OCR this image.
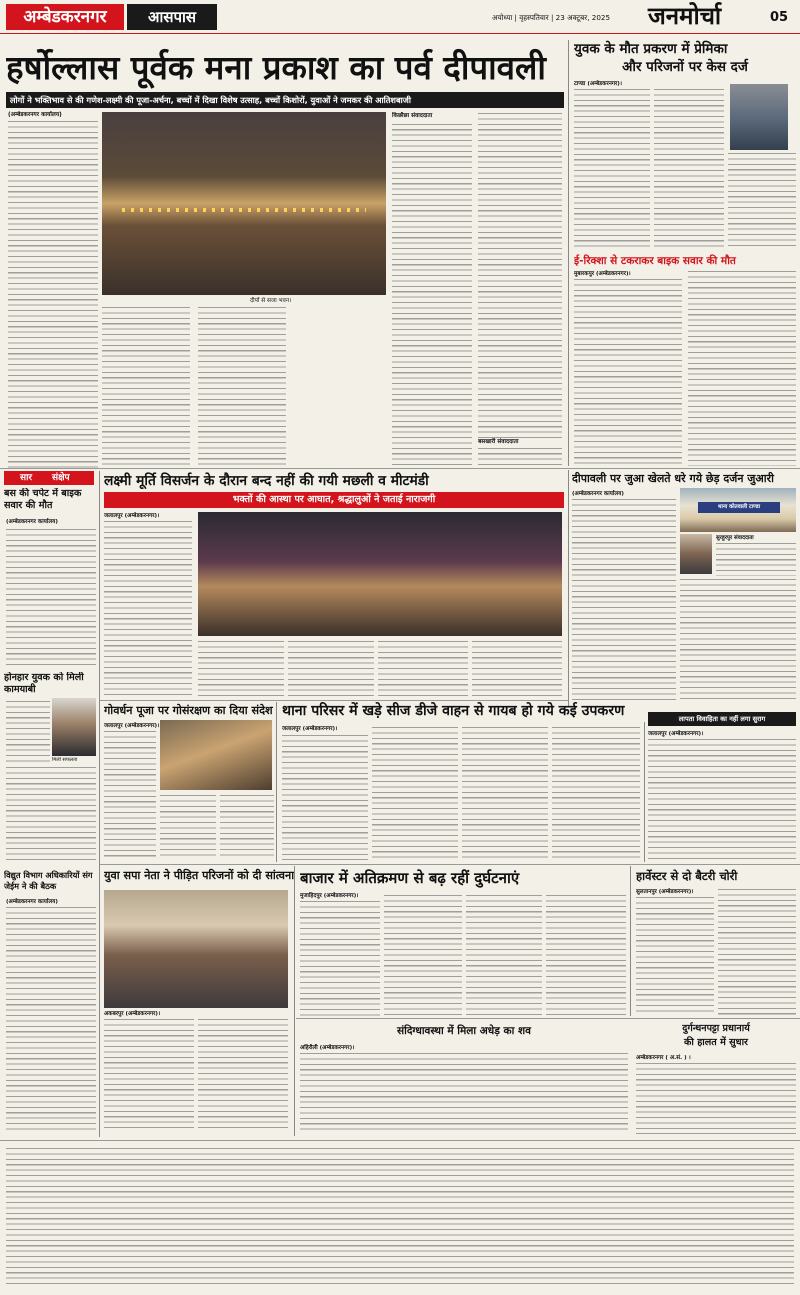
अम्बेडकरनगर	आसपास	अयोध्या | वृहस्पतिवार | 23 अक्टूबर, 2025	जनमोर्चा	05
हर्षोल्लास पूर्वक मना प्रकाश का पर्व दीपावली
लोगों ने भक्तिभाव से की गणेश-लक्ष्मी की पूजा-अर्चना, बच्चों में दिखा विशेष उत्साह, बच्चों किशोरों, युवाओं ने जमकर की आतिशबाजी
(अम्बेडकरनगर कार्यालय)
दीपों से सजा भवन।
किछौछा संवाददाता
बसखारी संवाददाता
युवक के मौत प्रकरण में प्रेमिका
और परिजनों पर केस दर्ज
टाण्डा (अम्बेडकरनगर)।
ई-रिक्शा से टकराकर बाइक सवार की मौत
मुबारकपुर (अम्बेडकरनगर)।
सार संक्षेप
बस की चपेट में बाइक सवार की मौत
(अम्बेडकरनगर कार्यालय)
होनहार युवक को मिली कामयाबी
मिली सफलता
विद्युत विभाग अधिकारियों संग जेईम ने की बैठक
(अम्बेडकरनगर कार्यालय)
लक्ष्मी मूर्ति विसर्जन के दौरान बन्द नहीं की गयी मछली व मीटमंडी
भक्तों की आस्था पर आघात, श्रद्धालुओं ने जताई नाराजगी
जलालपुर (अम्बेडकरनगर)।
दीपावली पर जुआ खेलते धरे गये छेड़ दर्जन जुआरी
गोवर्धन पूजा पर गोसंरक्षण का दिया संदेश
जलालपुर (अम्बेडकरनगर)।
थाना परिसर में खड़े सीज डीजे वाहन से गायब हो गये कई उपकरण
जलालपुर (अम्बेडकरनगर)।
(अम्बेडकरनगर कार्यालय)
थाना कोतवाली टाण्डा
सुरहुरपुर संवाददाता
लापता विवाहिता का नहीं लगा सुराग
जलालपुर (अम्बेडकरनगर)।
युवा सपा नेता ने पीड़ित परिजनों को दी सांत्वना
अकबरपुर (अम्बेडकरनगर)।
बाजार में अतिक्रमण से बढ़ रहीं दुर्घटनाएं
मुजाहिदपुर (अम्बेडकरनगर)।
हार्वेस्टर से दो बैटरी चोरी
सुलतानपुर (अम्बेडकरनगर)।
संदिग्धावस्था में मिला अधेड़ का शव
अहिरौली (अम्बेडकरनगर)।
दुर्गन्धनपट्टा प्रधानार्य
की हालत में सुधार
अम्बेडकरनगर ( अ.सं. ) ।
